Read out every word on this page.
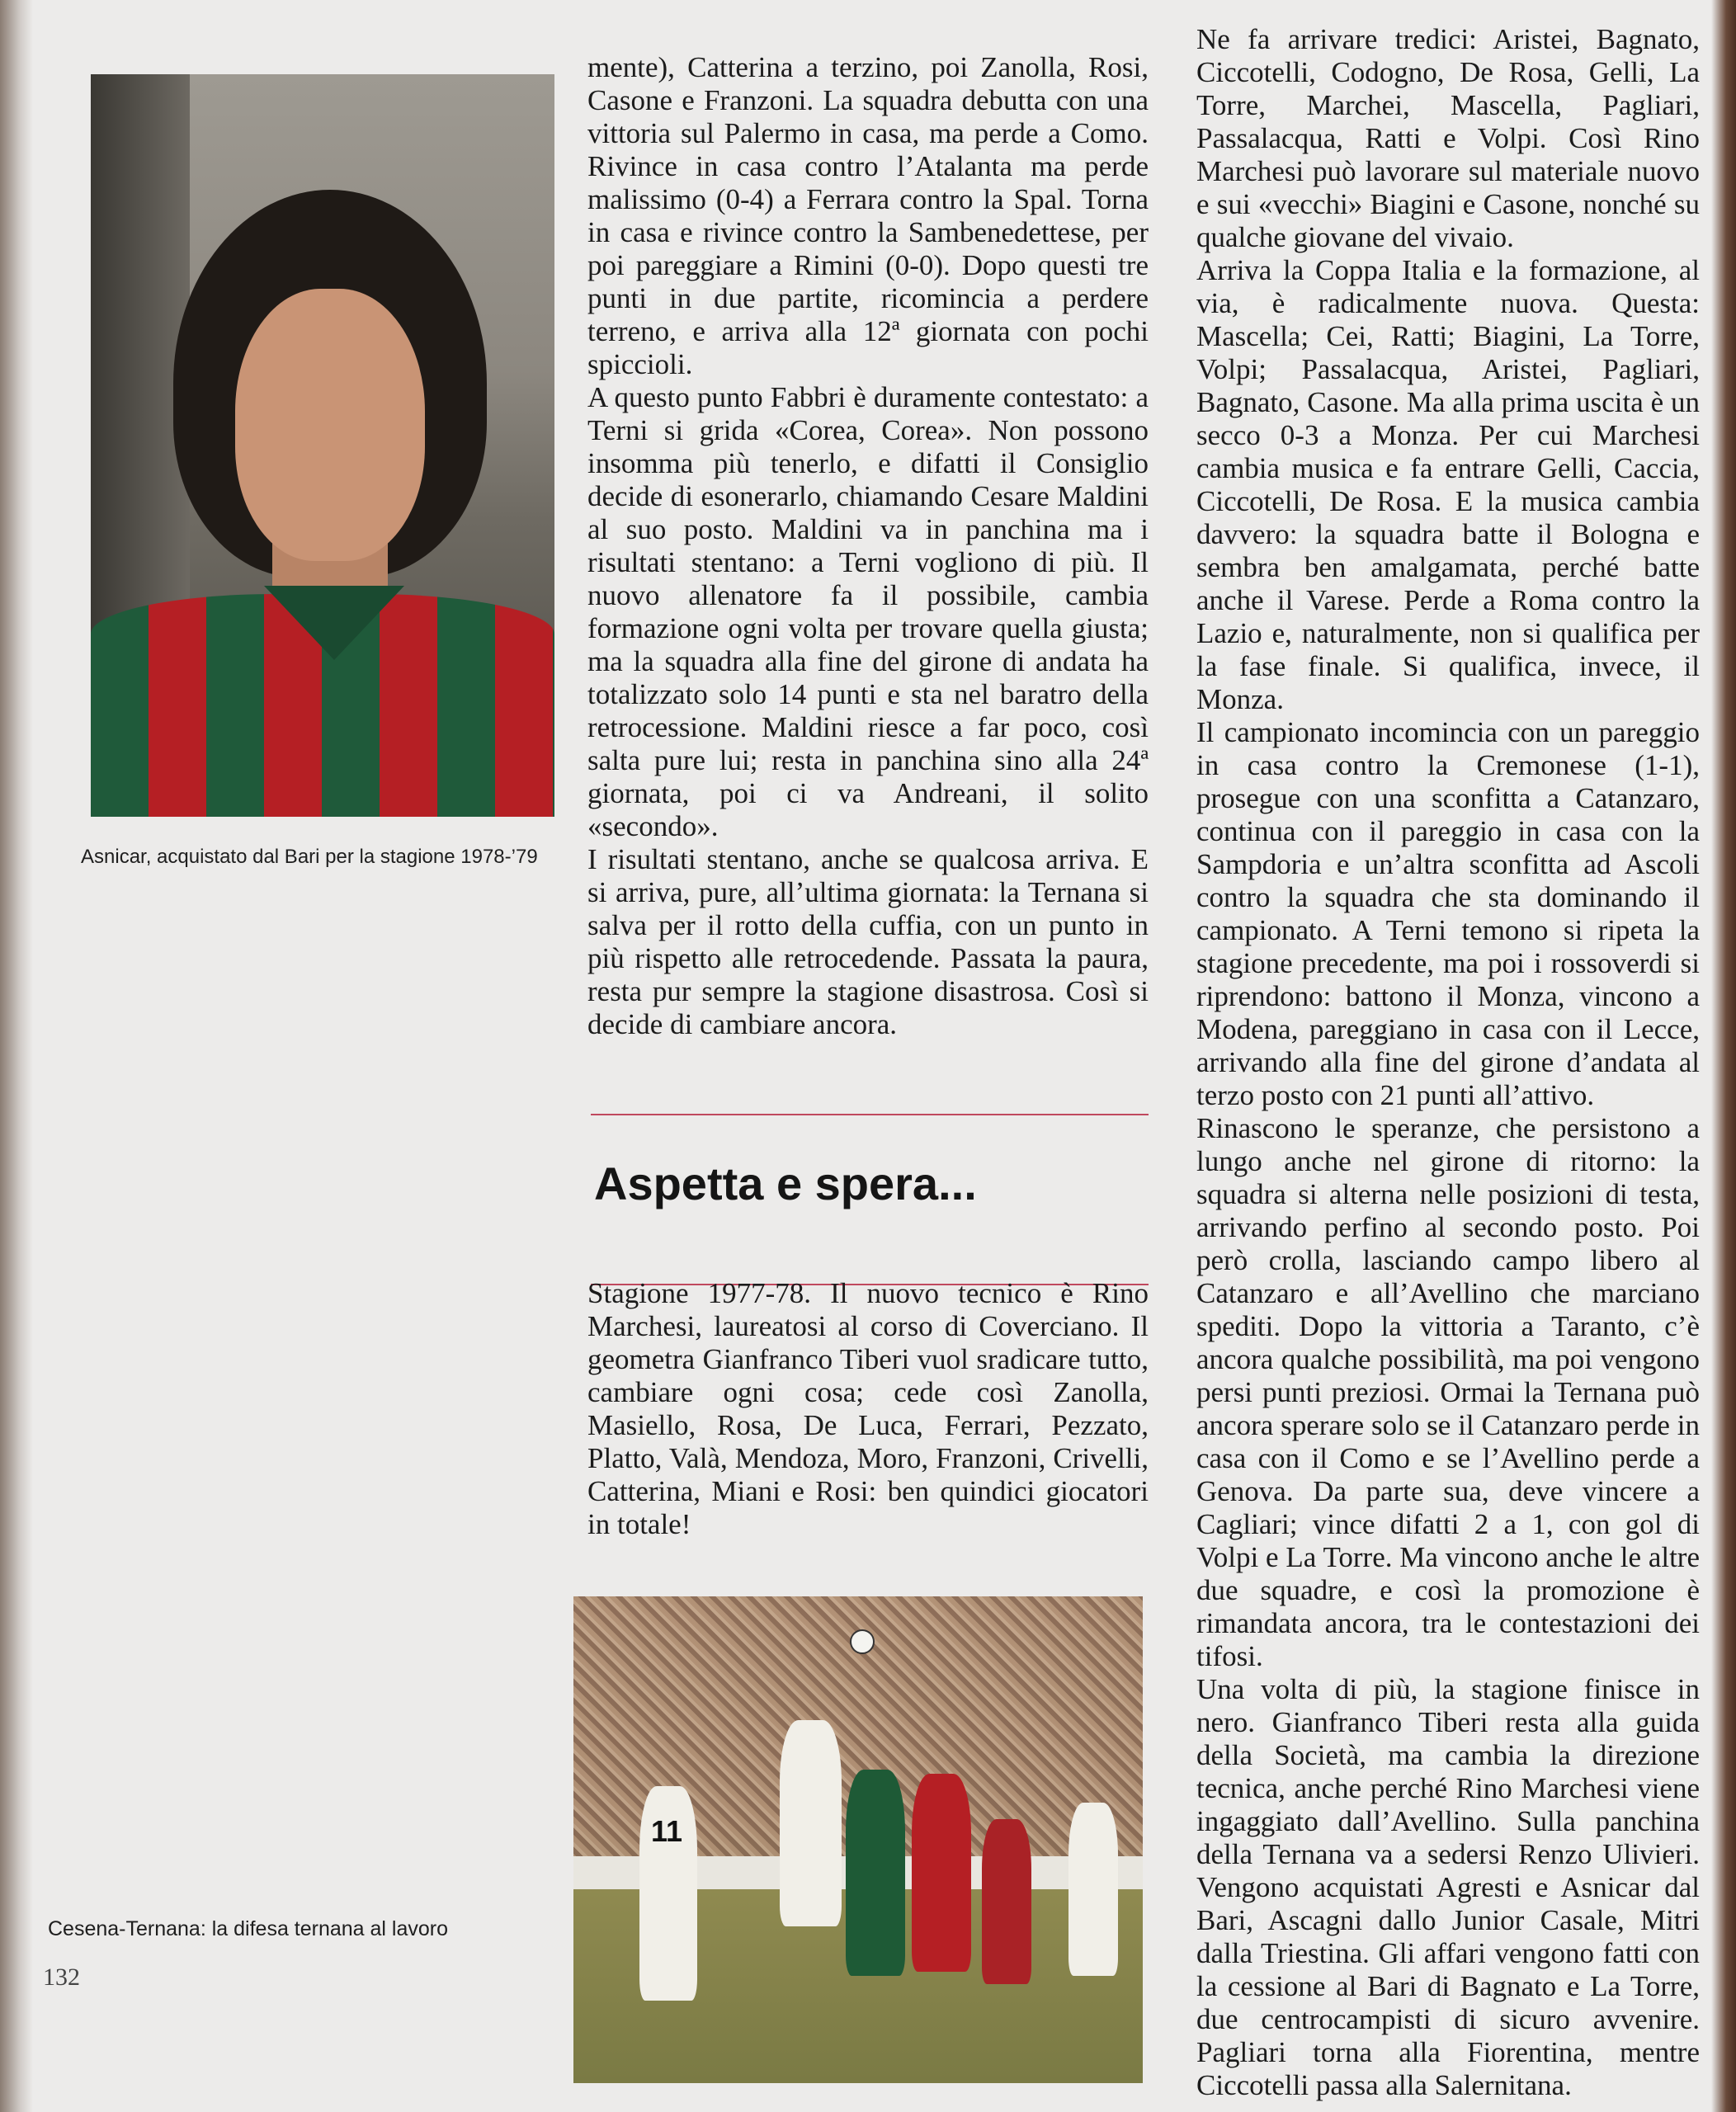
Asnicar, acquistato dal Bari per la stagione 1978-’79

mente), Catterina a terzino, poi Zanolla, Rosi, Casone e Franzoni. La squadra debutta con una vittoria sul Palermo in casa, ma perde a Como. Rivince in casa contro l’Atalanta ma perde malissimo (0-4) a Ferrara contro la Spal. Torna in casa e rivince contro la Sambenedettese, per poi pareggiare a Rimini (0-0). Dopo questi tre punti in due partite, ricomincia a perdere terreno, e arriva alla 12ª giornata con pochi spiccioli.

A questo punto Fabbri è duramente contestato: a Terni si grida «Corea, Corea». Non possono insomma più tenerlo, e difatti il Consiglio decide di esonerarlo, chiamando Cesare Maldini al suo posto. Maldini va in panchina ma i risultati stentano: a Terni vogliono di più. Il nuovo allenatore fa il possibile, cambia formazione ogni volta per trovare quella giusta; ma la squadra alla fine del girone di andata ha totalizzato solo 14 punti e sta nel baratro della retrocessione. Maldini riesce a far poco, così salta pure lui; resta in panchina sino alla 24ª giornata, poi ci va Andreani, il solito «secondo».

I risultati stentano, anche se qualcosa arriva. E si arriva, pure, all’ultima giornata: la Ternana si salva per il rotto della cuffia, con un punto in più rispetto alle retrocedende. Passata la paura, resta pur sempre la stagione disastrosa. Così si decide di cambiare ancora.

Aspetta e spera...

Stagione 1977-78. Il nuovo tecnico è Rino Marchesi, laureatosi al corso di Coverciano. Il geometra Gianfranco Tiberi vuol sradicare tutto, cambiare ogni cosa; cede così Zanolla, Masiello, Rosa, De Luca, Ferrari, Pezzato, Platto, Valà, Mendoza, Moro, Franzoni, Crivelli, Catterina, Miani e Rosi: ben quindici giocatori in totale!

11
Cesena-Ternana: la difesa ternana al lavoro
132

Ne fa arrivare tredici: Aristei, Bagnato, Ciccotelli, Codogno, De Rosa, Gelli, La Torre, Marchei, Mascella, Pagliari, Passalacqua, Ratti e Volpi. Così Rino Marchesi può lavorare sul materiale nuovo e sui «vecchi» Biagini e Casone, nonché su qualche giovane del vivaio.

Arriva la Coppa Italia e la formazione, al via, è radicalmente nuova. Questa: Mascella; Cei, Ratti; Biagini, La Torre, Volpi; Passalacqua, Aristei, Pagliari, Bagnato, Casone. Ma alla prima uscita è un secco 0-3 a Monza. Per cui Marchesi cambia musica e fa entrare Gelli, Caccia, Ciccotelli, De Rosa. E la musica cambia davvero: la squadra batte il Bologna e sembra ben amalgamata, perché batte anche il Varese. Perde a Roma contro la Lazio e, naturalmente, non si qualifica per la fase finale. Si qualifica, invece, il Monza.

Il campionato incomincia con un pareggio in casa contro la Cremonese (1-1), prosegue con una sconfitta a Catanzaro, continua con il pareggio in casa con la Sampdoria e un’altra sconfitta ad Ascoli contro la squadra che sta dominando il campionato. A Terni temono si ripeta la stagione precedente, ma poi i rossoverdi si riprendono: battono il Monza, vincono a Modena, pareggiano in casa con il Lecce, arrivando alla fine del girone d’andata al terzo posto con 21 punti all’attivo.

Rinascono le speranze, che persistono a lungo anche nel girone di ritorno: la squadra si alterna nelle posizioni di testa, arrivando perfino al secondo posto. Poi però crolla, lasciando campo libero al Catanzaro e all’Avellino che marciano spediti. Dopo la vittoria a Taranto, c’è ancora qualche possibilità, ma poi vengono persi punti preziosi. Ormai la Ternana può ancora sperare solo se il Catanzaro perde in casa con il Como e se l’Avellino perde a Genova. Da parte sua, deve vincere a Cagliari; vince difatti 2 a 1, con gol di Volpi e La Torre. Ma vincono anche le altre due squadre, e così la promozione è rimandata ancora, tra le contestazioni dei tifosi.

Una volta di più, la stagione finisce in nero. Gianfranco Tiberi resta alla guida della Società, ma cambia la direzione tecnica, anche perché Rino Marchesi viene ingaggiato dall’Avellino. Sulla panchina della Ternana va a sedersi Renzo Ulivieri. Vengono acquistati Agresti e Asnicar dal Bari, Ascagni dallo Junior Casale, Mitri dalla Triestina. Gli affari vengono fatti con la cessione al Bari di Bagnato e La Torre, due centrocampisti di sicuro avvenire. Pagliari torna alla Fiorentina, mentre Ciccotelli passa alla Salernitana.
